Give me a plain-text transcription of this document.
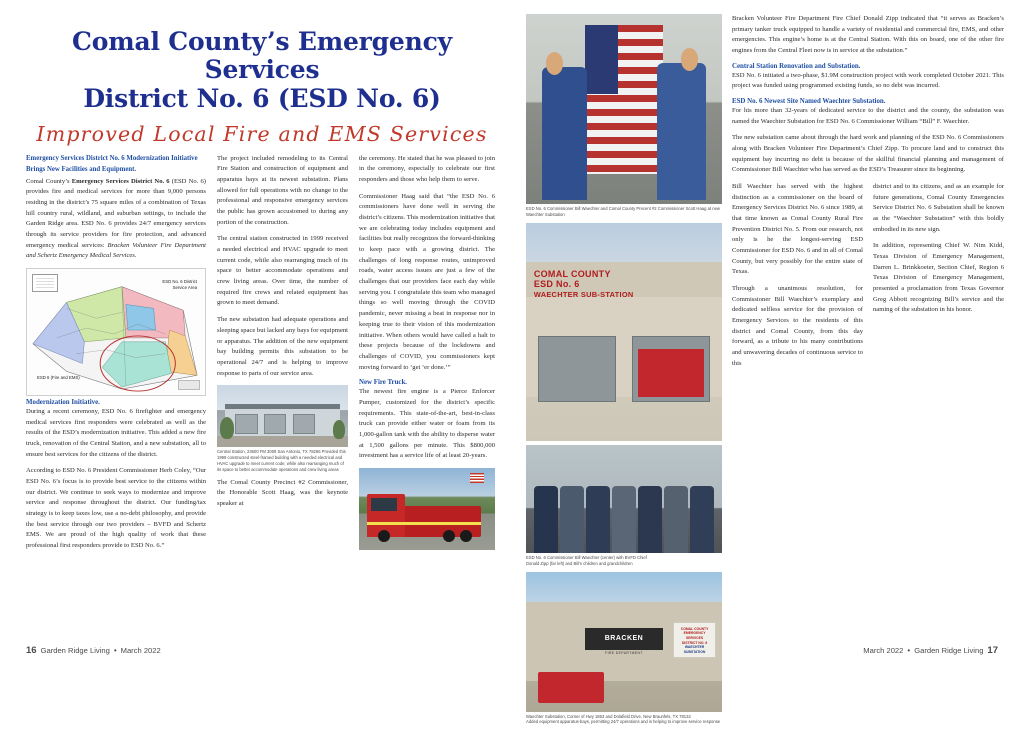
Comal County’s Emergency Services
District No. 6 (ESD No. 6)
Improved Local Fire and EMS Services
Emergency Services District No. 6 Modernization Initiative Brings New Facilities and Equipment.

Comal County’s Emergency Services District No. 6 (ESD No. 6) provides fire and medical services for more than 9,000 persons residing in the district’s 75 square miles of a combination of Texas hill country rural, wildland, and suburban settings, to include the Garden Ridge area. ESD No. 6 provides 24/7 emergency services through its service providers for fire protection, and advanced emergency medical services: Bracken Volunteer Fire Department and Schertz Emergency Medical Services.

ESD No. 6 District
Service Area
ESD 6 (Fire and EMS)
Modernization Initiative.

During a recent ceremony, ESD No. 6 firefighter and emergency medical services first responders were celebrated as well as the results of the ESD’s modernization initiative. This added a new fire truck, renovation of the Central Station, and a new substation, all to ensure best services for the citizens of the district.

According to ESD No. 6 President Commissioner Herb Coley, “Our ESD No. 6’s focus is to provide best service to the citizens within our district. We continue to seek ways to modernize and improve service and response throughout the district. Our funding/tax strategy is to keep taxes low, use a no-debt philosophy, and provide the best service through our two providers – BVFD and Schertz EMS. We are proud of the high quality of work that these professional first responders provide to ESD No. 6.”

The project included remodeling to its Central Fire Station and construction of equipment and apparatus bays at its newest substation. Plans allowed for full operations with no change to the professional and responsive emergency services the public has grown accustomed to during any portion of the construction.

The central station constructed in 1999 received a needed electrical and HVAC upgrade to meet current code, while also rearranging much of its space to better accommodate operations and crew living areas. Over time, the number of required fire crews and related equipment has grown to meet demand.

The new substation had adequate operations and sleeping space but lacked any bays for equipment or apparatus. The addition of the new equipment bay building permits this substation to be operational 24/7 and is helping to improve response to parts of our service area.

Central Station, 23600 FM 3009 San Antonio, TX 78266 Provided this 1999 constructed steel-framed building with a needed electrical and HVAC upgrade to meet current code, while also rearranging much of its space to better accommodate operations and crew living areas

The Comal County Precinct #2 Commissioner, the Honorable Scott Haag, was the keynote speaker at

the ceremony. He stated that he was pleased to join in the ceremony, especially to celebrate our first responders and those who help them to serve.

Commissioner Haag said that “the ESD No. 6 commissioners have done well in serving the district’s citizens. This modernization initiative that we are celebrating today includes equipment and facilities but really recognizes the forward-thinking to keep pace with a growing district. The challenges of long response routes, unimproved roads, water access issues are just a few of the challenges that our providers face each day while serving you. I congratulate this team who managed things so well moving through the COVID pandemic, never missing a beat in response nor in keeping true to their vision of this modernization initiative. When others would have called a halt to these projects because of the lockdowns and challenges of COVID, you commissioners kept moving forward to ‘get ‘er done.’”

New Fire Truck.

The newest fire engine is a Pierce Enforcer Pumper, customized for the district’s specific requirements. This state-of-the-art, best-in-class truck can provide either water or foam from its 1,000-gallon tank with the ability to disperse water at 1,500 gallons per minute. This $800,000 investment has a service life of at least 20-years.

16 Garden Ridge Living • March 2022
ESD No. 6 Commissioner Bill Waechter and Comal County Precent #2 Commissioner Scott Haag at new Waechter Substation
COMAL COUNTY
ESD No. 6
WAECHTER SUB-STATION
ESD No. 6 Commissioner Bill Waechter (center) with BVFD Chief Donald Zipp (far left) and Bill’s children and grandchildren
BRACKEN
FIRE DEPARTMENT
COMAL COUNTY
EMERGENCY SERVICES
DISTRICT NO. 6
WAECHTER SUBSTATION
Waechter Substation, Corner of Hwy 1863 and Dolafield Drive, New Braunfels, TX 78132
Added equipment apparatus-bays, permitting 24/7 operations and is helping to improve service response

Bracken Volunteer Fire Department Fire Chief Donald Zipp indicated that “it serves as Bracken’s primary tanker truck equipped to handle a variety of residential and commercial fire, EMS, and other emergencies. This engine’s home is at the Central Station. With this on board, one of the other fire engines from the Central Fleet now is in service at the substation.”

Central Station Renovation and Substation.

ESD No. 6 initiated a two-phase, $1.9M construction project with work completed October 2021. This project was funded using programmed existing funds, so no debt was incurred.

ESD No. 6 Newest Site Named Waechter Substation.

For his more than 32-years of dedicated service to the district and the county, the substation was named the Waechter Substation for ESD No. 6 Commissioner William “Bill” F. Waechter.

The new substation came about through the hard work and planning of the ESD No. 6 Commissioners along with Bracken Volunteer Fire Department’s Chief Zipp. To procure land and to construct this equipment bay incurring no debt is because of the skillful financial planning and management of Commissioner Bill Waechter who has served as the ESD’s Treasurer since its beginning.

Bill Waechter has served with the highest distinction as a commissioner on the board of Emergency Services District No. 6 since 1989, at that time known as Comal County Rural Fire Prevention District No. 5. From our research, not only is he the longest-serving ESD Commissioner for ESD No. 6 and in all of Comal County, but very possibly for the entire state of Texas.

Through a unanimous resolution, for Commissioner Bill Waechter’s exemplary and dedicated selfless service for the provision of Emergency Services to the residents of this district and Comal County, from this day forward, as a tribute to his many contributions and unwavering decades of continuous service to this

district and to its citizens, and as an example for future generations, Comal County Emergencies Service District No. 6 Substation shall be known as the “Waechter Substation” with this boldly embodied in its new sign.

In addition, representing Chief W. Nim Kidd, Texas Division of Emergency Management, Darren L. Brinkkoeter, Section Chief, Region 6 Texas Division of Emergency Management, presented a proclamation from Texas Governor Greg Abbott recognizing Bill’s service and the naming of the substation in his honor.

March 2022 • Garden Ridge Living 17
